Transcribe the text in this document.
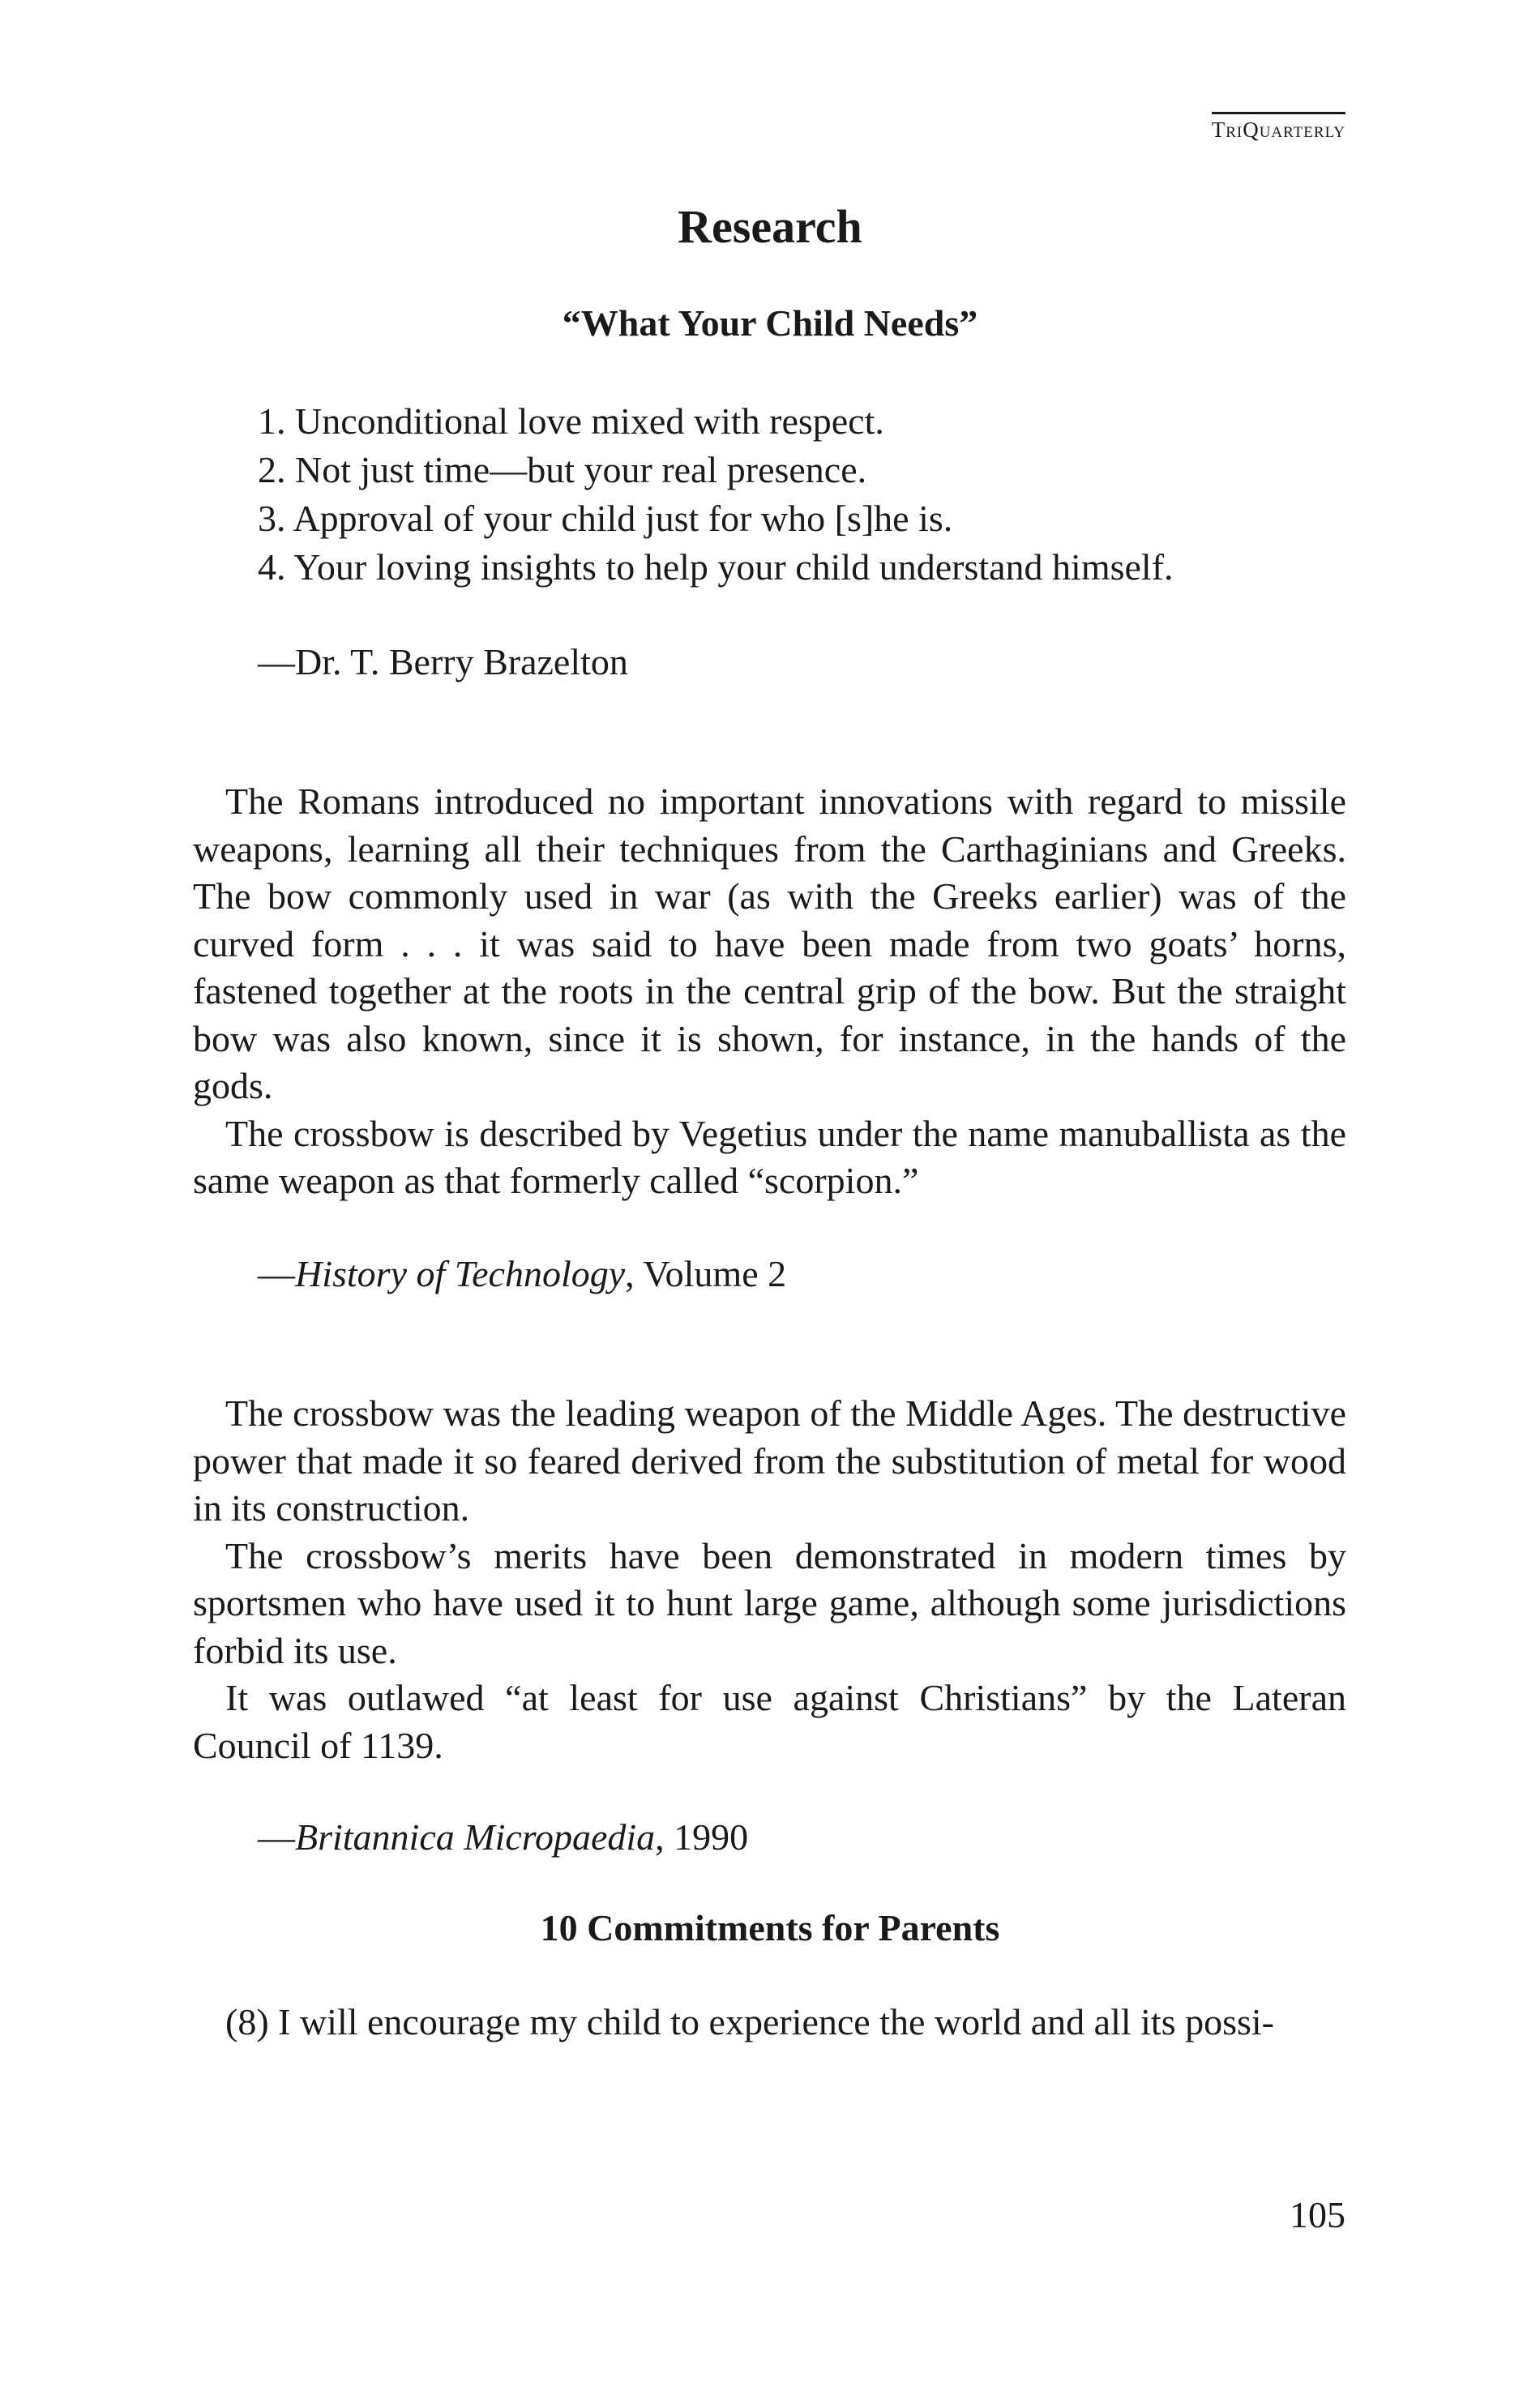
TriQuarterly
Research
“What Your Child Needs”
1. Unconditional love mixed with respect.
2. Not just time—but your real presence.
3. Approval of your child just for who [s]he is.
4. Your loving insights to help your child understand himself.
—Dr. T. Berry Brazelton

The Romans introduced no important innovations with regard to missile weapons, learning all their techniques from the Carthaginians and Greeks. The bow commonly used in war (as with the Greeks earlier) was of the curved form . . . it was said to have been made from two goats’ horns, fastened together at the roots in the central grip of the bow. But the straight bow was also known, since it is shown, for instance, in the hands of the gods.

The crossbow is described by Vegetius under the name manuballista as the same weapon as that formerly called “scorpion.”

—History of Technology, Volume 2

The crossbow was the leading weapon of the Middle Ages. The destructive power that made it so feared derived from the substitution of metal for wood in its construction.

The crossbow’s merits have been demonstrated in modern times by sportsmen who have used it to hunt large game, although some jurisdictions forbid its use.

It was outlawed “at least for use against Christians” by the Lateran Council of 1139.

—Britannica Micropaedia, 1990
10 Commitments for Parents
(8) I will encourage my child to experience the world and all its possi-
105
